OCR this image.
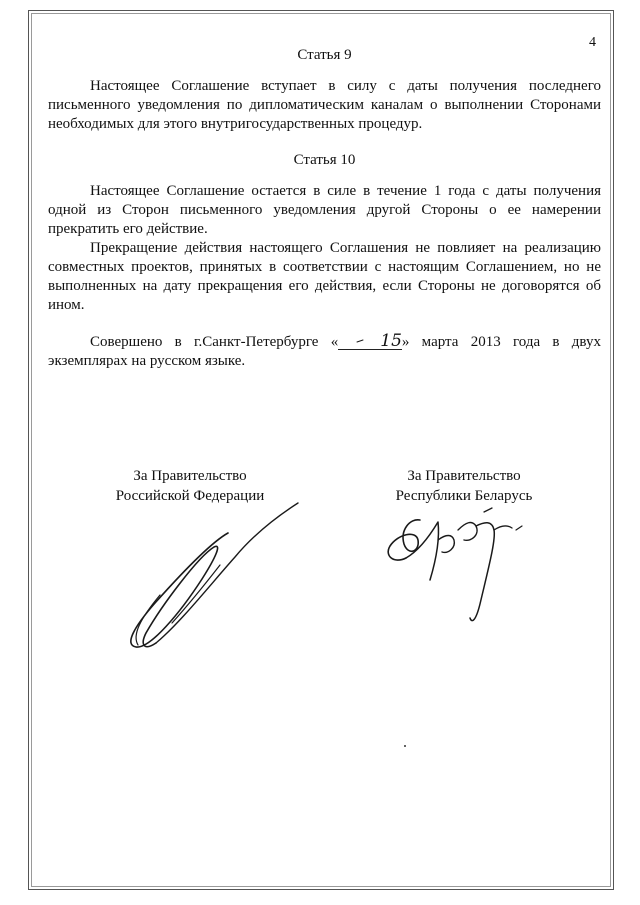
4
Статья 9

Настоящее Соглашение вступает в силу с даты получения последнего письменного уведомления по дипломатическим каналам о выполнении Сторонами необходимых для этого внутригосударственных процедур.

Статья 10

Настоящее Соглашение остается в силе в течение 1 года с даты получения одной из Сторон письменного уведомления другой Стороны о ее намерении прекратить его действие.

Прекращение действия настоящего Соглашения не повлияет на реализацию совместных проектов, принятых в соответствии с настоящим Соглашением, но не выполненных на дату прекращения его действия, если Стороны не договорятся об ином.

Совершено в г.Санкт-Петербурге « 15» марта 2013 года в двух экземплярах на русском языке.

За Правительство
Российской Федерации
За Правительство
Республики Беларусь
